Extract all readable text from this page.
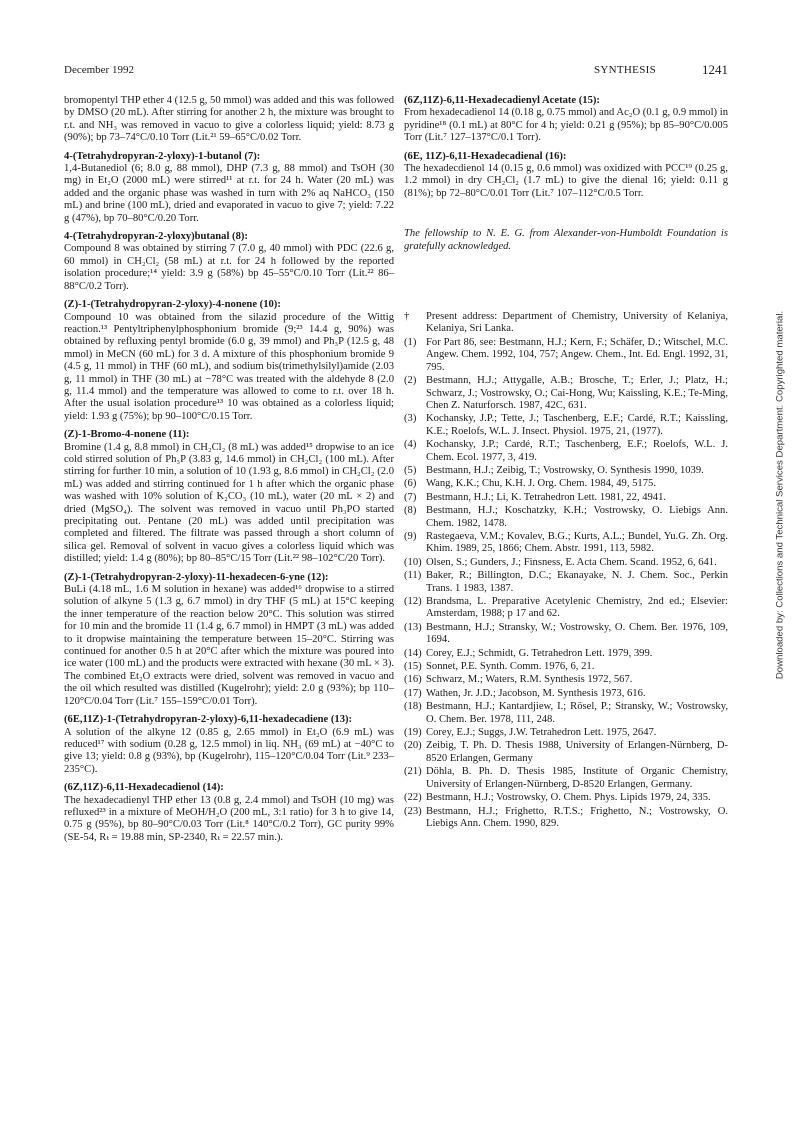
December 1992	SYNTHESIS	1241
bromopentyl THP ether 4 (12.5 g, 50 mmol) was added and this was followed by DMSO (20 mL). After stirring for another 2 h, the mixture was brought to r.t. and NH₃ was removed in vacuo to give a colorless liquid; yield: 8.73 g (90%); bp 73–74°C/0.10 Torr (Lit.²¹ 59–65°C/0.02 Torr.
4-(Tetrahydropyran-2-yloxy)-1-butanol (7):
1,4-Butanediol (6; 8.0 g, 88 mmol), DHP (7.3 g, 88 mmol) and TsOH (30 mg) in Et₂O (2000 mL) were stirred¹¹ at r.t. for 24 h. Water (20 mL) was added and the organic phase was washed in turn with 2% aq NaHCO₃ (150 mL) and brine (100 mL), dried and evaporated in vacuo to give 7; yield: 7.22 g (47%), bp 70–80°C/0.20 Torr.
4-(Tetrahydropyran-2-yloxy)butanal (8):
Compound 8 was obtained by stirring 7 (7.0 g, 40 mmol) with PDC (22.6 g, 60 mmol) in CH₂Cl₂ (58 mL) at r.t. for 24 h followed by the reported isolation procedure;¹⁴ yield: 3.9 g (58%) bp 45–55°C/0.10 Torr (Lit.²² 86–88°C/0.2 Torr).
(Z)-1-(Tetrahydropyran-2-yloxy)-4-nonene (10):
Compound 10 was obtained from the silazid procedure of the Wittig reaction.¹³ Pentyltriphenylphosphonium bromide (9;²³ 14.4 g, 90%) was obtained by refluxing pentyl bromide (6.0 g, 39 mmol) and Ph₃P (12.5 g, 48 mmol) in MeCN (60 mL) for 3 d. A mixture of this phosphonium bromide 9 (4.5 g, 11 mmol) in THF (60 mL), and sodium bis(trimethylsilyl)amide (2.03 g, 11 mmol) in THF (30 mL) at −78°C was treated with the aldehyde 8 (2.0 g, 11.4 mmol) and the temperature was allowed to come to r.t. over 18 h. After the usual isolation procedure¹³ 10 was obtained as a colorless liquid; yield: 1.93 g (75%); bp 90–100°C/0.15 Torr.
(Z)-1-Bromo-4-nonene (11):
Bromine (1.4 g, 8.8 mmol) in CH₂Cl₂ (8 mL) was added¹⁵ dropwise to an ice cold stirred solution of Ph₃P (3.83 g, 14.6 mmol) in CH₂Cl₂ (100 mL). After stirring for further 10 min, a solution of 10 (1.93 g, 8.6 mmol) in CH₂Cl₂ (2.0 mL) was added and stirring continued for 1 h after which the organic phase was washed with 10% solution of K₂CO₃ (10 mL), water (20 mL × 2) and dried (MgSO₄). The solvent was removed in vacuo until Ph₃PO started precipitating out. Pentane (20 mL) was added until precipitation was completed and filtered. The filtrate was passed through a short column of silica gel. Removal of solvent in vacuo gives a colorless liquid which was distilled; yield: 1.4 g (80%); bp 80–85°C/15 Torr (Lit.²² 98–102°C/20 Torr).
(Z)-1-(Tetrahydropyran-2-yloxy)-11-hexadecen-6-yne (12):
BuLi (4.18 mL, 1.6 M solution in hexane) was added¹⁶ dropwise to a stirred solution of alkyne 5 (1.3 g, 6.7 mmol) in dry THF (5 mL) at 15°C keeping the inner temperature of the reaction below 20°C. This solution was stirred for 10 min and the bromide 11 (1.4 g, 6.7 mmol) in HMPT (3 mL) was added to it dropwise maintaining the temperature between 15–20°C. Stirring was continued for another 0.5 h at 20°C after which the mixture was poured into ice water (100 mL) and the products were extracted with hexane (30 mL × 3). The combined Et₂O extracts were dried, solvent was removed in vacuo and the oil which resulted was distilled (Kugelrohr); yield: 2.0 g (93%); bp 110–120°C/0.04 Torr (Lit.⁷ 155–159°C/0.01 Torr).
(6E,11Z)-1-(Tetrahydropyran-2-yloxy)-6,11-hexadecadiene (13):
A solution of the alkyne 12 (0.85 g, 2.65 mmol) in Et₂O (6.9 mL) was reduced¹⁷ with sodium (0.28 g, 12.5 mmol) in liq. NH₃ (69 mL) at −40°C to give 13; yield: 0.8 g (93%), bp (Kugelrohr), 115–120°C/0.04 Torr (Lit.⁹ 233–235°C).
(6Z,11Z)-6,11-Hexadecadienol (14):
The hexadecadienyl THP ether 13 (0.8 g, 2.4 mmol) and TsOH (10 mg) was refluxed²³ in a mixture of MeOH/H₂O (200 mL, 3:1 ratio) for 3 h to give 14, 0.75 g (95%), bp 80–90°C/0.03 Torr (Lit.⁸ 140°C/0.2 Torr), GC purity 99% (SE-54, Rₜ = 19.88 min, SP-2340, Rₜ = 22.57 min.).
(6Z,11Z)-6,11-Hexadecadienyl Acetate (15):
From hexadecadienol 14 (0.18 g, 0.75 mmol) and Ac₂O (0.1 g, 0.9 mmol) in pyridine¹⁸ (0.1 mL) at 80°C for 4 h; yield: 0.21 g (95%); bp 85–90°C/0.005 Torr (Lit.⁷ 127–137°C/0.1 Torr).
(6E, 11Z)-6,11-Hexadecadienal (16):
The hexadecdienol 14 (0.15 g, 0.6 mmol) was oxidized with PCC¹⁹ (0.25 g, 1.2 mmol) in dry CH₂Cl₂ (1.7 mL) to give the dienal 16; yield: 0.11 g (81%); bp 72–80°C/0.01 Torr (Lit.⁷ 107–112°C/0.5 Torr.

The fellowship to N. E. G. from Alexander-von-Humboldt Foundation is gratefully acknowledged.

†	Present address: Department of Chemistry, University of Kelaniya, Kelaniya, Sri Lanka.
(1) For Part 86, see: Bestmann, H.J.; Kern, F.; Schäfer, D.; Witschel, M.C. Angew. Chem. 1992, 104, 757; Angew. Chem., Int. Ed. Engl. 1992, 31, 795.
(2) Bestmann, H.J.; Attygalle, A.B.; Brosche, T.; Erler, J.; Platz, H.; Schwarz, J.; Vostrowsky, O.; Cai-Hong, Wu; Kaissling, K.E.; Te-Ming, Chen Z. Naturforsch. 1987, 42C, 631.
(3) Kochansky, J.P.; Tette, J.; Taschenberg, E.F.; Cardé, R.T.; Kaissling, K.E.; Roelofs, W.L. J. Insect. Physiol. 1975, 21, (1977).
(4) Kochansky, J.P.; Cardé, R.T.; Taschenberg, E.F.; Roelofs, W.L. J. Chem. Ecol. 1977, 3, 419.
(5) Bestmann, H.J.; Zeibig, T.; Vostrowsky, O. Synthesis 1990, 1039.
(6) Wang, K.K.; Chu, K.H. J. Org. Chem. 1984, 49, 5175.
(7) Bestmann, H.J.; Li, K. Tetrahedron Lett. 1981, 22, 4941.
(8) Bestmann, H.J.; Koschatzky, K.H.; Vostrowsky, O. Liebigs Ann. Chem. 1982, 1478.
(9) Rastegaeva, V.M.; Kovalev, B.G.; Kurts, A.L.; Bundel, Yu.G. Zh. Org. Khim. 1989, 25, 1866; Chem. Abstr. 1991, 113, 5982.
(10) Olsen, S.; Gunders, J.; Finsness, E. Acta Chem. Scand. 1952, 6, 641.
(11) Baker, R.; Billington, D.C.; Ekanayake, N. J. Chem. Soc., Perkin Trans. 1 1983, 1387.
(12) Brandsma, L. Preparative Acetylenic Chemistry, 2nd ed.; Elsevier: Amsterdam, 1988; p 17 and 62.
(13) Bestmann, H.J.; Stransky, W.; Vostrowsky, O. Chem. Ber. 1976, 109, 1694.
(14) Corey, E.J.; Schmidt, G. Tetrahedron Lett. 1979, 399.
(15) Sonnet, P.E. Synth. Comm. 1976, 6, 21.
(16) Schwarz, M.; Waters, R.M. Synthesis 1972, 567.
(17) Wathen, Jr. J.D.; Jacobson, M. Synthesis 1973, 616.
(18) Bestmann, H.J.; Kantardjiew, I.; Rösel, P.; Stransky, W.; Vostrowsky, O. Chem. Ber. 1978, 111, 248.
(19) Corey, E.J.; Suggs, J.W. Tetrahedron Lett. 1975, 2647.
(20) Zeibig, T. Ph. D. Thesis 1988, University of Erlangen-Nürnberg, D-8520 Erlangen, Germany
(21) Döhla, B. Ph. D. Thesis 1985, Institute of Organic Chemistry, University of Erlangen-Nürnberg, D-8520 Erlangen, Germany.
(22) Bestmann, H.J.; Vostrowsky, O. Chem. Phys. Lipids 1979, 24, 335.
(23) Bestmann, H.J.; Frighetto, R.T.S.; Frighetto, N.; Vostrowsky, O. Liebigs Ann. Chem. 1990, 829.
Downloaded by: Collections and Technical Services Department. Copyrighted material.
